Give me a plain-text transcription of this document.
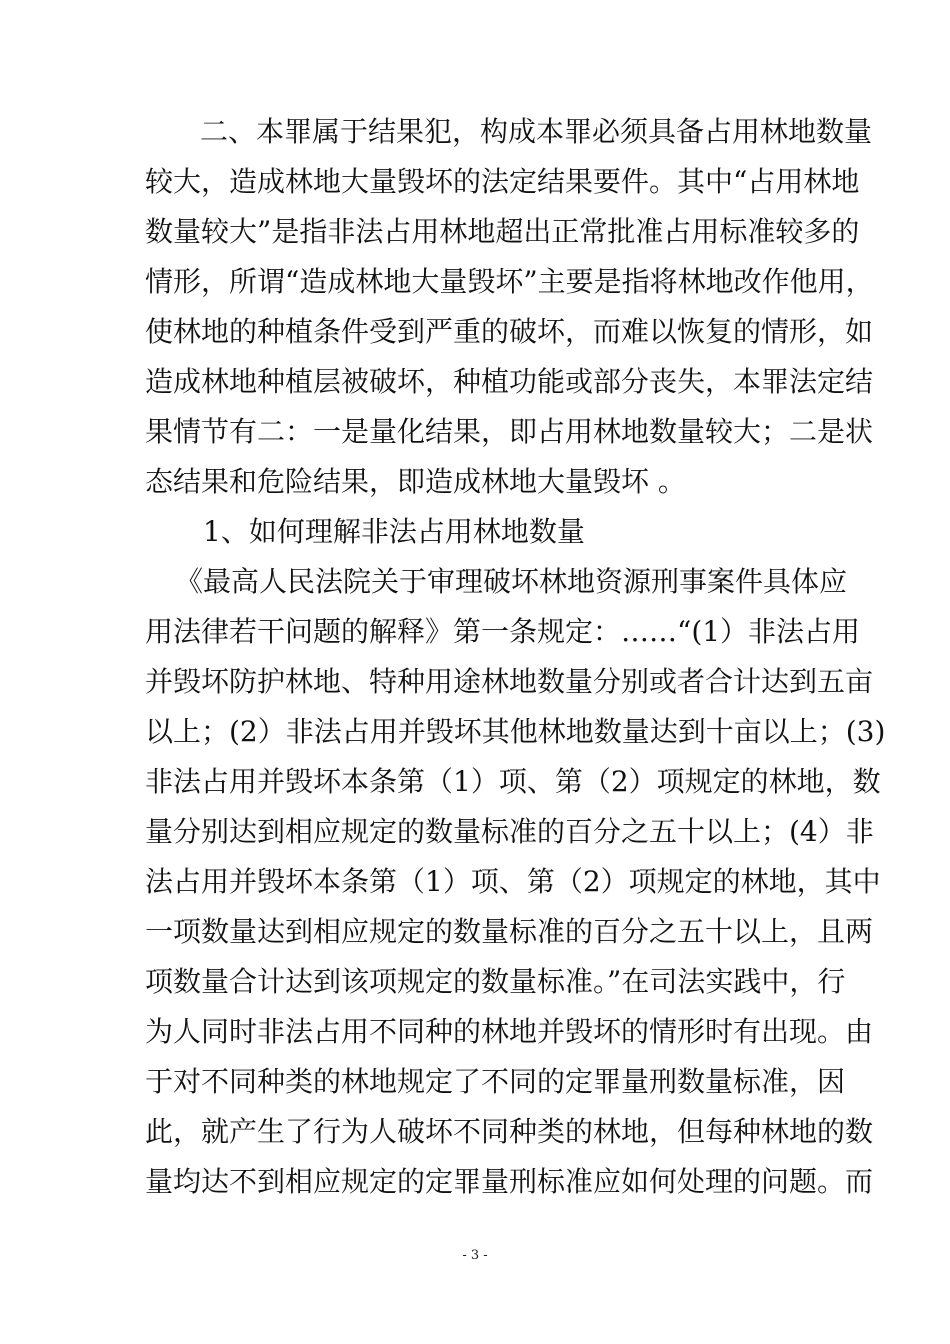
二、本罪属于结果犯，构成本罪必须具备占用林地数量
较大，造成林地大量毁坏的法定结果要件。其中“占用林地
数量较大”是指非法占用林地超出正常批准占用标准较多的
情形，所谓“造成林地大量毁坏”主要是指将林地改作他用，
使林地的种植条件受到严重的破坏，而难以恢复的情形，如
造成林地种植层被破坏，种植功能或部分丧失，本罪法定结
果情节有二：一是量化结果，即占用林地数量较大；二是状
态结果和危险结果，即造成林地大量毁坏 。
1、如何理解非法占用林地数量
《最高人民法院关于审理破坏林地资源刑事案件具体应
用法律若干问题的解释》第一条规定：……“(1）非法占用
并毁坏防护林地、特种用途林地数量分别或者合计达到五亩
以上；(2）非法占用并毁坏其他林地数量达到十亩以上；(3)
非法占用并毁坏本条第（1）项、第（2）项规定的林地，数
量分别达到相应规定的数量标准的百分之五十以上；(4）非
法占用并毁坏本条第（1）项、第（2）项规定的林地，其中
一项数量达到相应规定的数量标准的百分之五十以上，且两
项数量合计达到该项规定的数量标准。”在司法实践中，行
为人同时非法占用不同种的林地并毁坏的情形时有出现。由
于对不同种类的林地规定了不同的定罪量刑数量标准，因
此，就产生了行为人破坏不同种类的林地，但每种林地的数
量均达不到相应规定的定罪量刑标准应如何处理的问题。而
- 3 -
